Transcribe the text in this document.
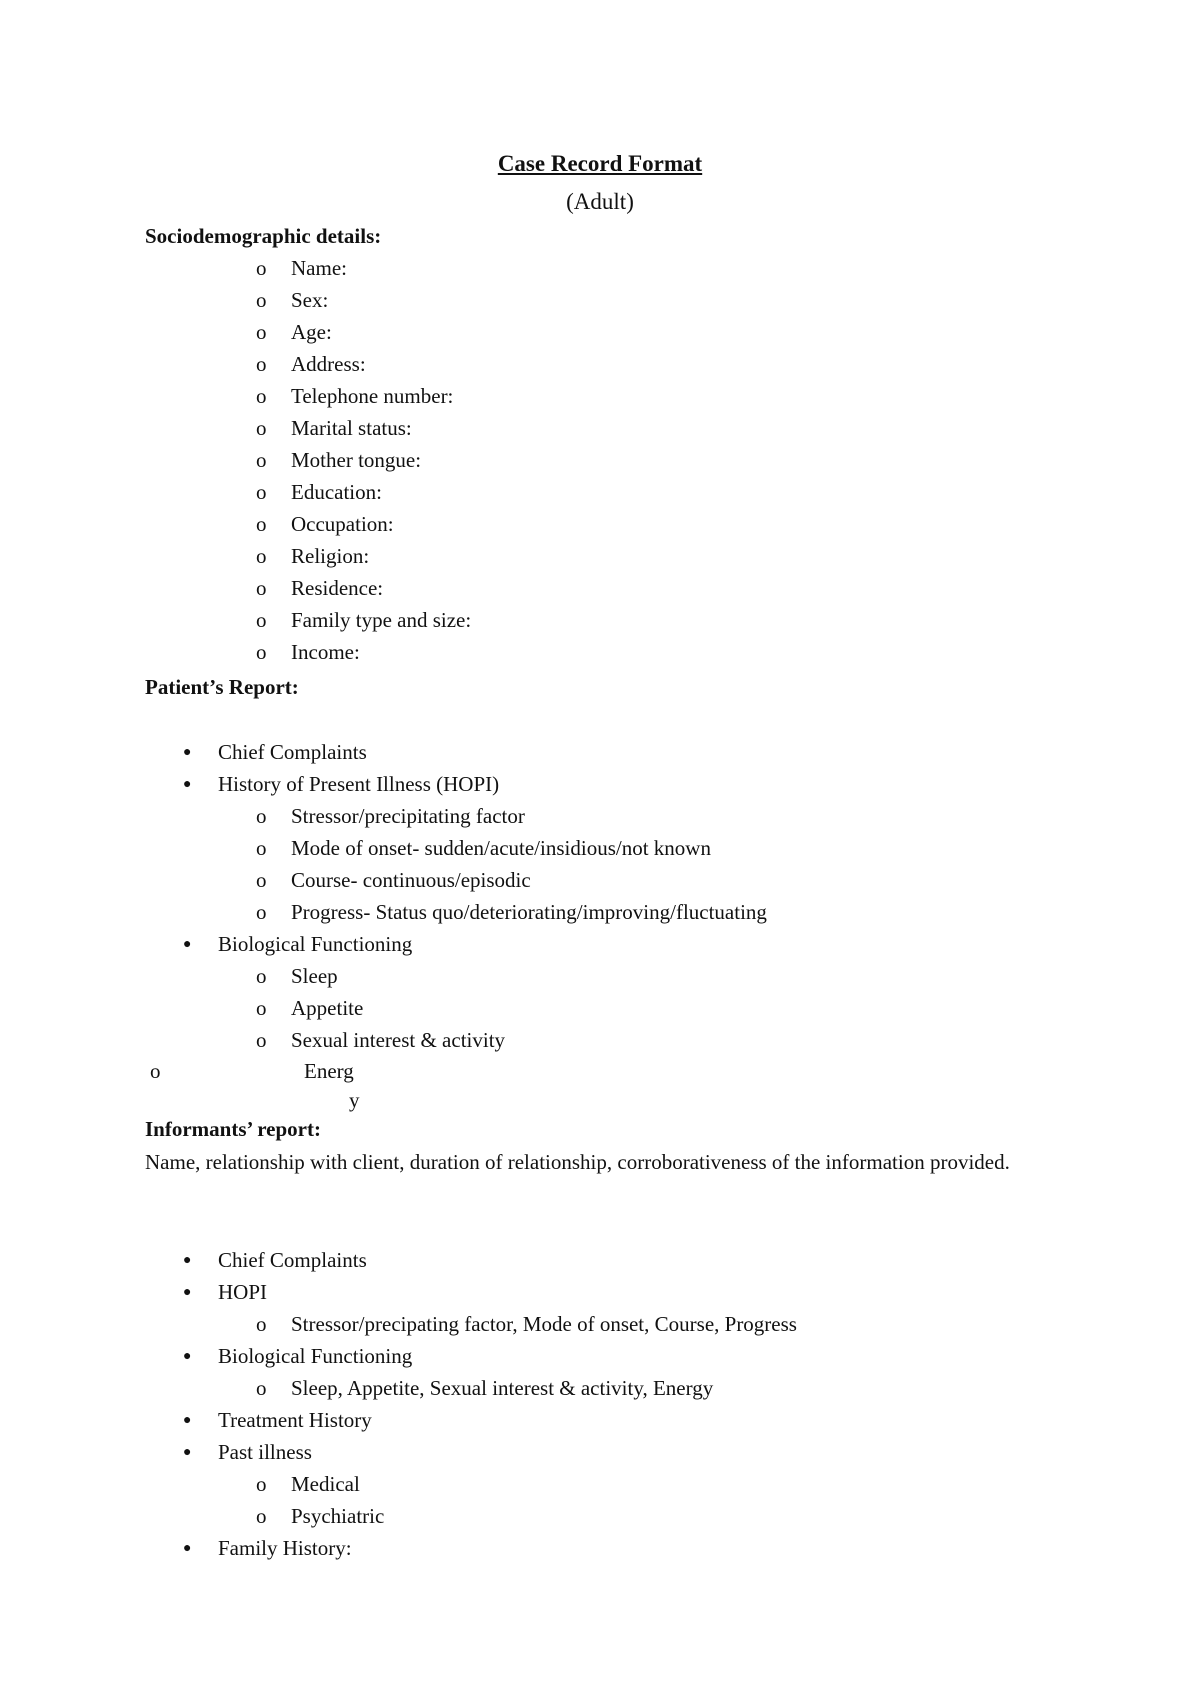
Case Record Format
(Adult)
Sociodemographic details:
o Name:
o Sex:
o Age:
o Address:
o Telephone number:
o Marital status:
o Mother tongue:
o Education:
o Occupation:
o Religion:
o Residence:
o Family type and size:
o Income:
Patient’s Report:
● Chief Complaints
● History of Present Illness (HOPI)
o Stressor/precipitating factor
o Mode of onset- sudden/acute/insidious/not known
o Course- continuous/episodic
o Progress- Status quo/deteriorating/improving/fluctuating
● Biological Functioning
o Sleep
o Appetite
o Sexual interest & activity
o	Energ
y
Informants’ report:
Name, relationship with client, duration of relationship, corroborativeness of the information provided.
● Chief Complaints
● HOPI
o Stressor/precipating factor, Mode of onset, Course, Progress
● Biological Functioning
o Sleep, Appetite, Sexual interest & activity, Energy
● Treatment History
● Past illness
o Medical
o Psychiatric
● Family History:
